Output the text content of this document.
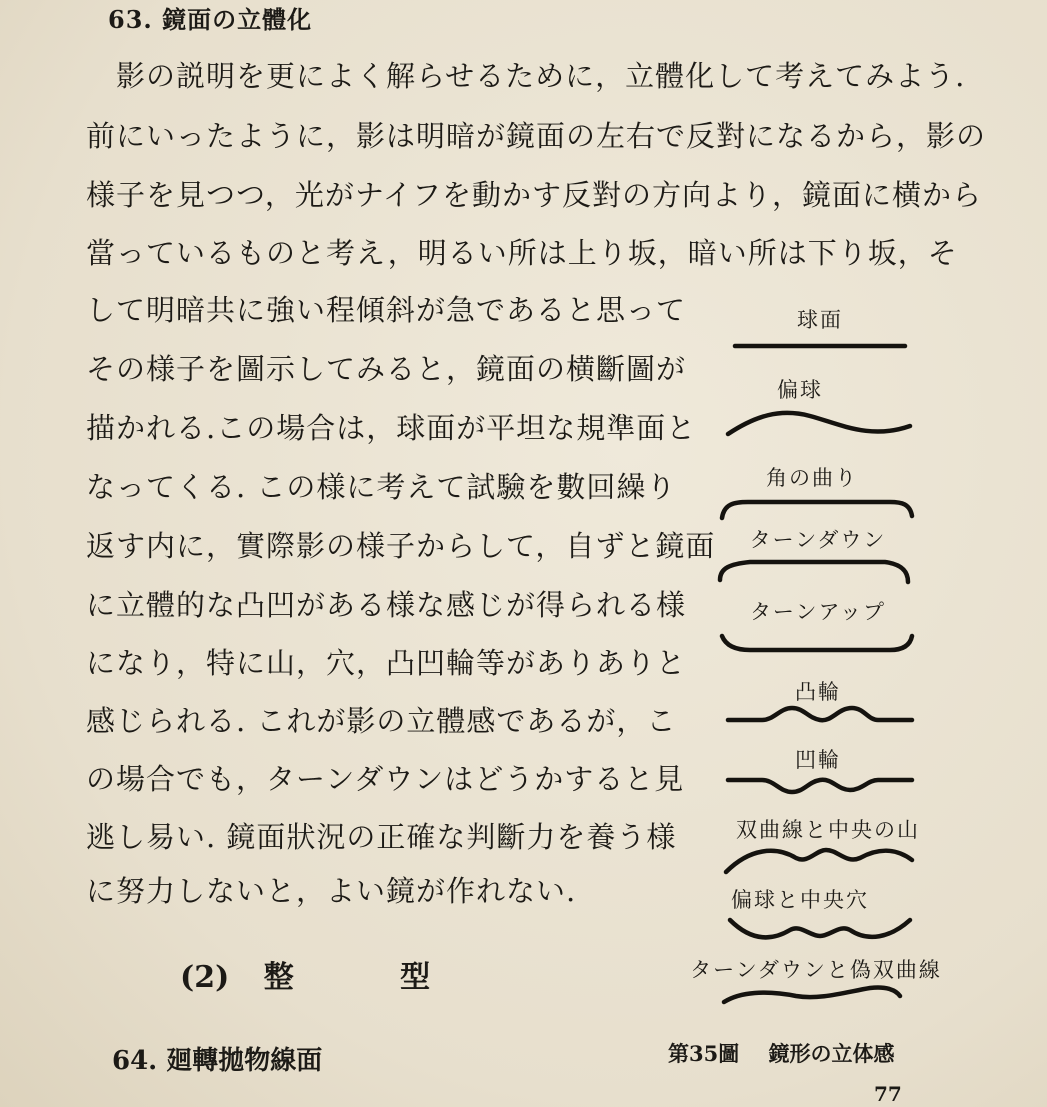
63. 鏡面の立體化
影の説明を更によく解らせるために，立體化して考えてみよう.
前にいったように，影は明暗が鏡面の左右で反對になるから，影の
様子を見つつ，光がナイフを動かす反對の方向より，鏡面に横から
當っているものと考え，明るい所は上り坂，暗い所は下り坂，そ
して明暗共に強い程傾斜が急であると思って
その様子を圖示してみると，鏡面の横斷圖が
描かれる.この場合は，球面が平坦な規準面と
なってくる. この様に考えて試驗を數回繰り
返す内に，實際影の様子からして，自ずと鏡面
に立體的な凸凹がある様な感じが得られる様
になり，特に山，穴，凸凹輪等がありありと
感じられる. これが影の立體感であるが，こ
の場合でも，ターンダウンはどうかすると見
逃し易い. 鏡面狀況の正確な判斷力を養う様
に努力しないと，よい鏡が作れない.
(2) 整	型
64. 廻轉拋物線面
球面
偏球
角の曲り
ターンダウン
ターンアップ
凸輪
凹輪
双曲線と中央の山
偏球と中央穴
ターンダウンと偽双曲線
第35圖 鏡形の立体感
77
